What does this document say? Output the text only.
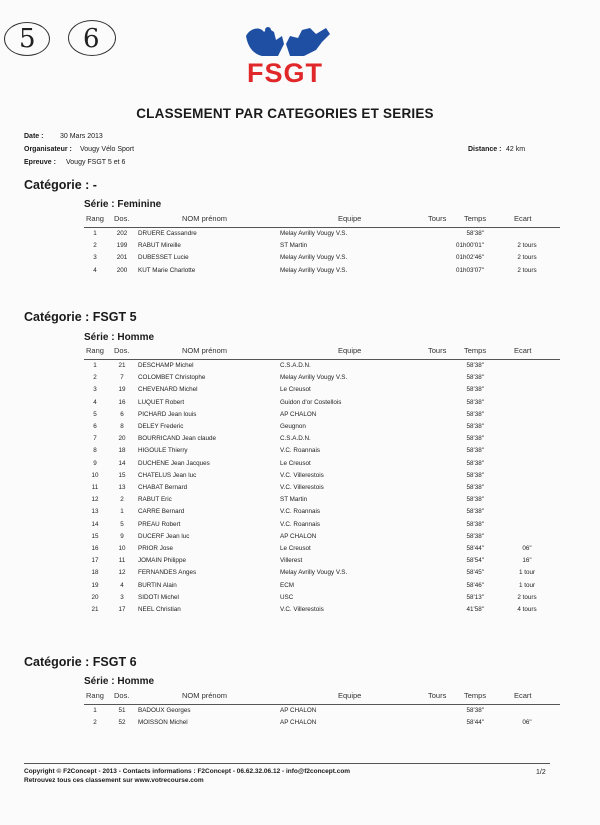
5 6
FSGT
CLASSEMENT PAR CATEGORIES ET SERIES
Date : 30 Mars 2013
Organisateur : Vougy Vélo Sport
Epreuve : Vougy FSGT 5 et 6
Distance : 42 km
Catégorie : -
Série : Feminine
Rang Dos.	NOM prénom	Equipe	Tours Temps	Ecart
1	202	DRUERE Cassandre	Melay Avrilly Vougy V.S.	58'38"
2	199	RABUT Mireille	ST Martin	01h00'01"	2 tours
3	201	DUBESSET Lucie	Melay Avrilly Vougy V.S.	01h02'46"	2 tours
4	200	KUT Marie Charlotte	Melay Avrilly Vougy V.S.	01h03'07"	2 tours
Catégorie : FSGT 5
Série : Homme
Rang Dos.	NOM prénom	Equipe	Tours Temps	Ecart
1	21	DESCHAMP Michel	C.S.A.D.N.	58'38"
2	7	COLOMBET Christophe	Melay Avrilly Vougy V.S.	58'38"
3	19	CHEVENARD Michel	Le Creusot	58'38"
4	16	LUQUET Robert	Guidon d'or Costellois	58'38"
5	6	PICHARD Jean louis	AP CHALON	58'38"
6	8	DELEY Frederic	Geugnon	58'38"
7	20	BOURRICAND Jean claude	C.S.A.D.N.	58'38"
8	18	HIGOULE Thierry	V.C. Roannais	58'38"
9	14	DUCHENE Jean Jacques	Le Creusot	58'38"
10	15	CHATELUS Jean luc	V.C. Villerestois	58'38"
11	13	CHABAT Bernard	V.C. Villerestois	58'38"
12	2	RABUT Eric	ST Martin	58'38"
13	1	CARRE Bernard	V.C. Roannais	58'38"
14	5	PREAU Robert	V.C. Roannais	58'38"
15	9	DUCERF Jean luc	AP CHALON	58'38"
16	10	PRIOR Jose	Le Creusot	58'44"	06"
17	11	JOMAIN Philippe	Villerest	58'54"	16"
18	12	FERNANDES Anges	Melay Avrilly Vougy V.S.	58'45"	1 tour
19	4	BURTIN Alain	ECM	58'46"	1 tour
20	3	SIDOTI Michel	USC	58'13"	2 tours
21	17	NEEL Christian	V.C. Villerestois	41'58"	4 tours
Catégorie : FSGT 6
Série : Homme
Rang Dos.	NOM prénom	Equipe	Tours Temps	Ecart
1	51	BADOUX Georges	AP CHALON	58'38"
2	52	MOISSON Michel	AP CHALON	58'44"	06"
Copyright © F2Concept - 2013 - Contacts informations : F2Concept - 06.62.32.06.12 - info@f2concept.com
Retrouvez tous ces classement sur www.votrecourse.com
1/2
